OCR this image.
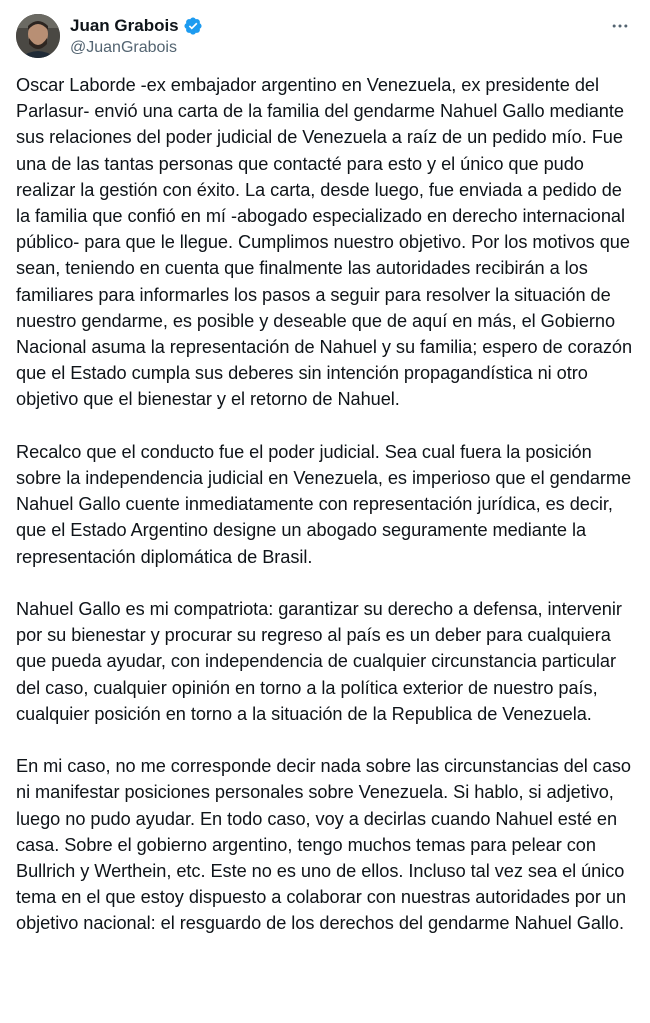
Juan Grabois
@JuanGrabois

Oscar Laborde -ex embajador argentino en Venezuela, ex presidente del Parlasur- envió una carta de la familia del gendarme Nahuel Gallo mediante sus relaciones del poder judicial de Venezuela a raíz de un pedido mío. Fue una de las tantas personas que contacté para esto y el único que pudo realizar la gestión con éxito. La carta, desde luego, fue enviada a pedido de la familia que confió en mí -abogado especializado en derecho internacional público- para que le llegue. Cumplimos nuestro objetivo. Por los motivos que sean, teniendo en cuenta que finalmente las autoridades recibirán a los familiares para informarles los pasos a seguir para resolver la situación de nuestro gendarme, es posible y deseable que de aquí en más, el Gobierno Nacional asuma la representación de Nahuel y su familia; espero de corazón que el Estado cumpla sus deberes sin intención propagandística ni otro objetivo que el bienestar y el retorno de Nahuel.

Recalco que el conducto fue el poder judicial. Sea cual fuera la posición sobre la independencia judicial en Venezuela, es imperioso que el gendarme Nahuel Gallo cuente inmediatamente con representación jurídica, es decir, que el Estado Argentino designe un abogado seguramente mediante la representación diplomática de Brasil.

Nahuel Gallo es mi compatriota: garantizar su derecho a defensa, intervenir por su bienestar y procurar su regreso al país es un deber para cualquiera que pueda ayudar, con independencia de cualquier circunstancia particular del caso, cualquier opinión en torno a la política exterior de nuestro país, cualquier posición en torno a la situación de la Republica de Venezuela.

En mi caso, no me corresponde decir nada sobre las circunstancias del caso ni manifestar posiciones personales sobre Venezuela. Si hablo, si adjetivo, luego no pudo ayudar. En todo caso, voy a decirlas cuando Nahuel esté en casa. Sobre el gobierno argentino, tengo muchos temas para pelear con Bullrich y Werthein, etc. Este no es uno de ellos. Incluso tal vez sea el único tema en el que estoy dispuesto a colaborar con nuestras autoridades por un objetivo nacional: el resguardo de los derechos del gendarme Nahuel Gallo.
